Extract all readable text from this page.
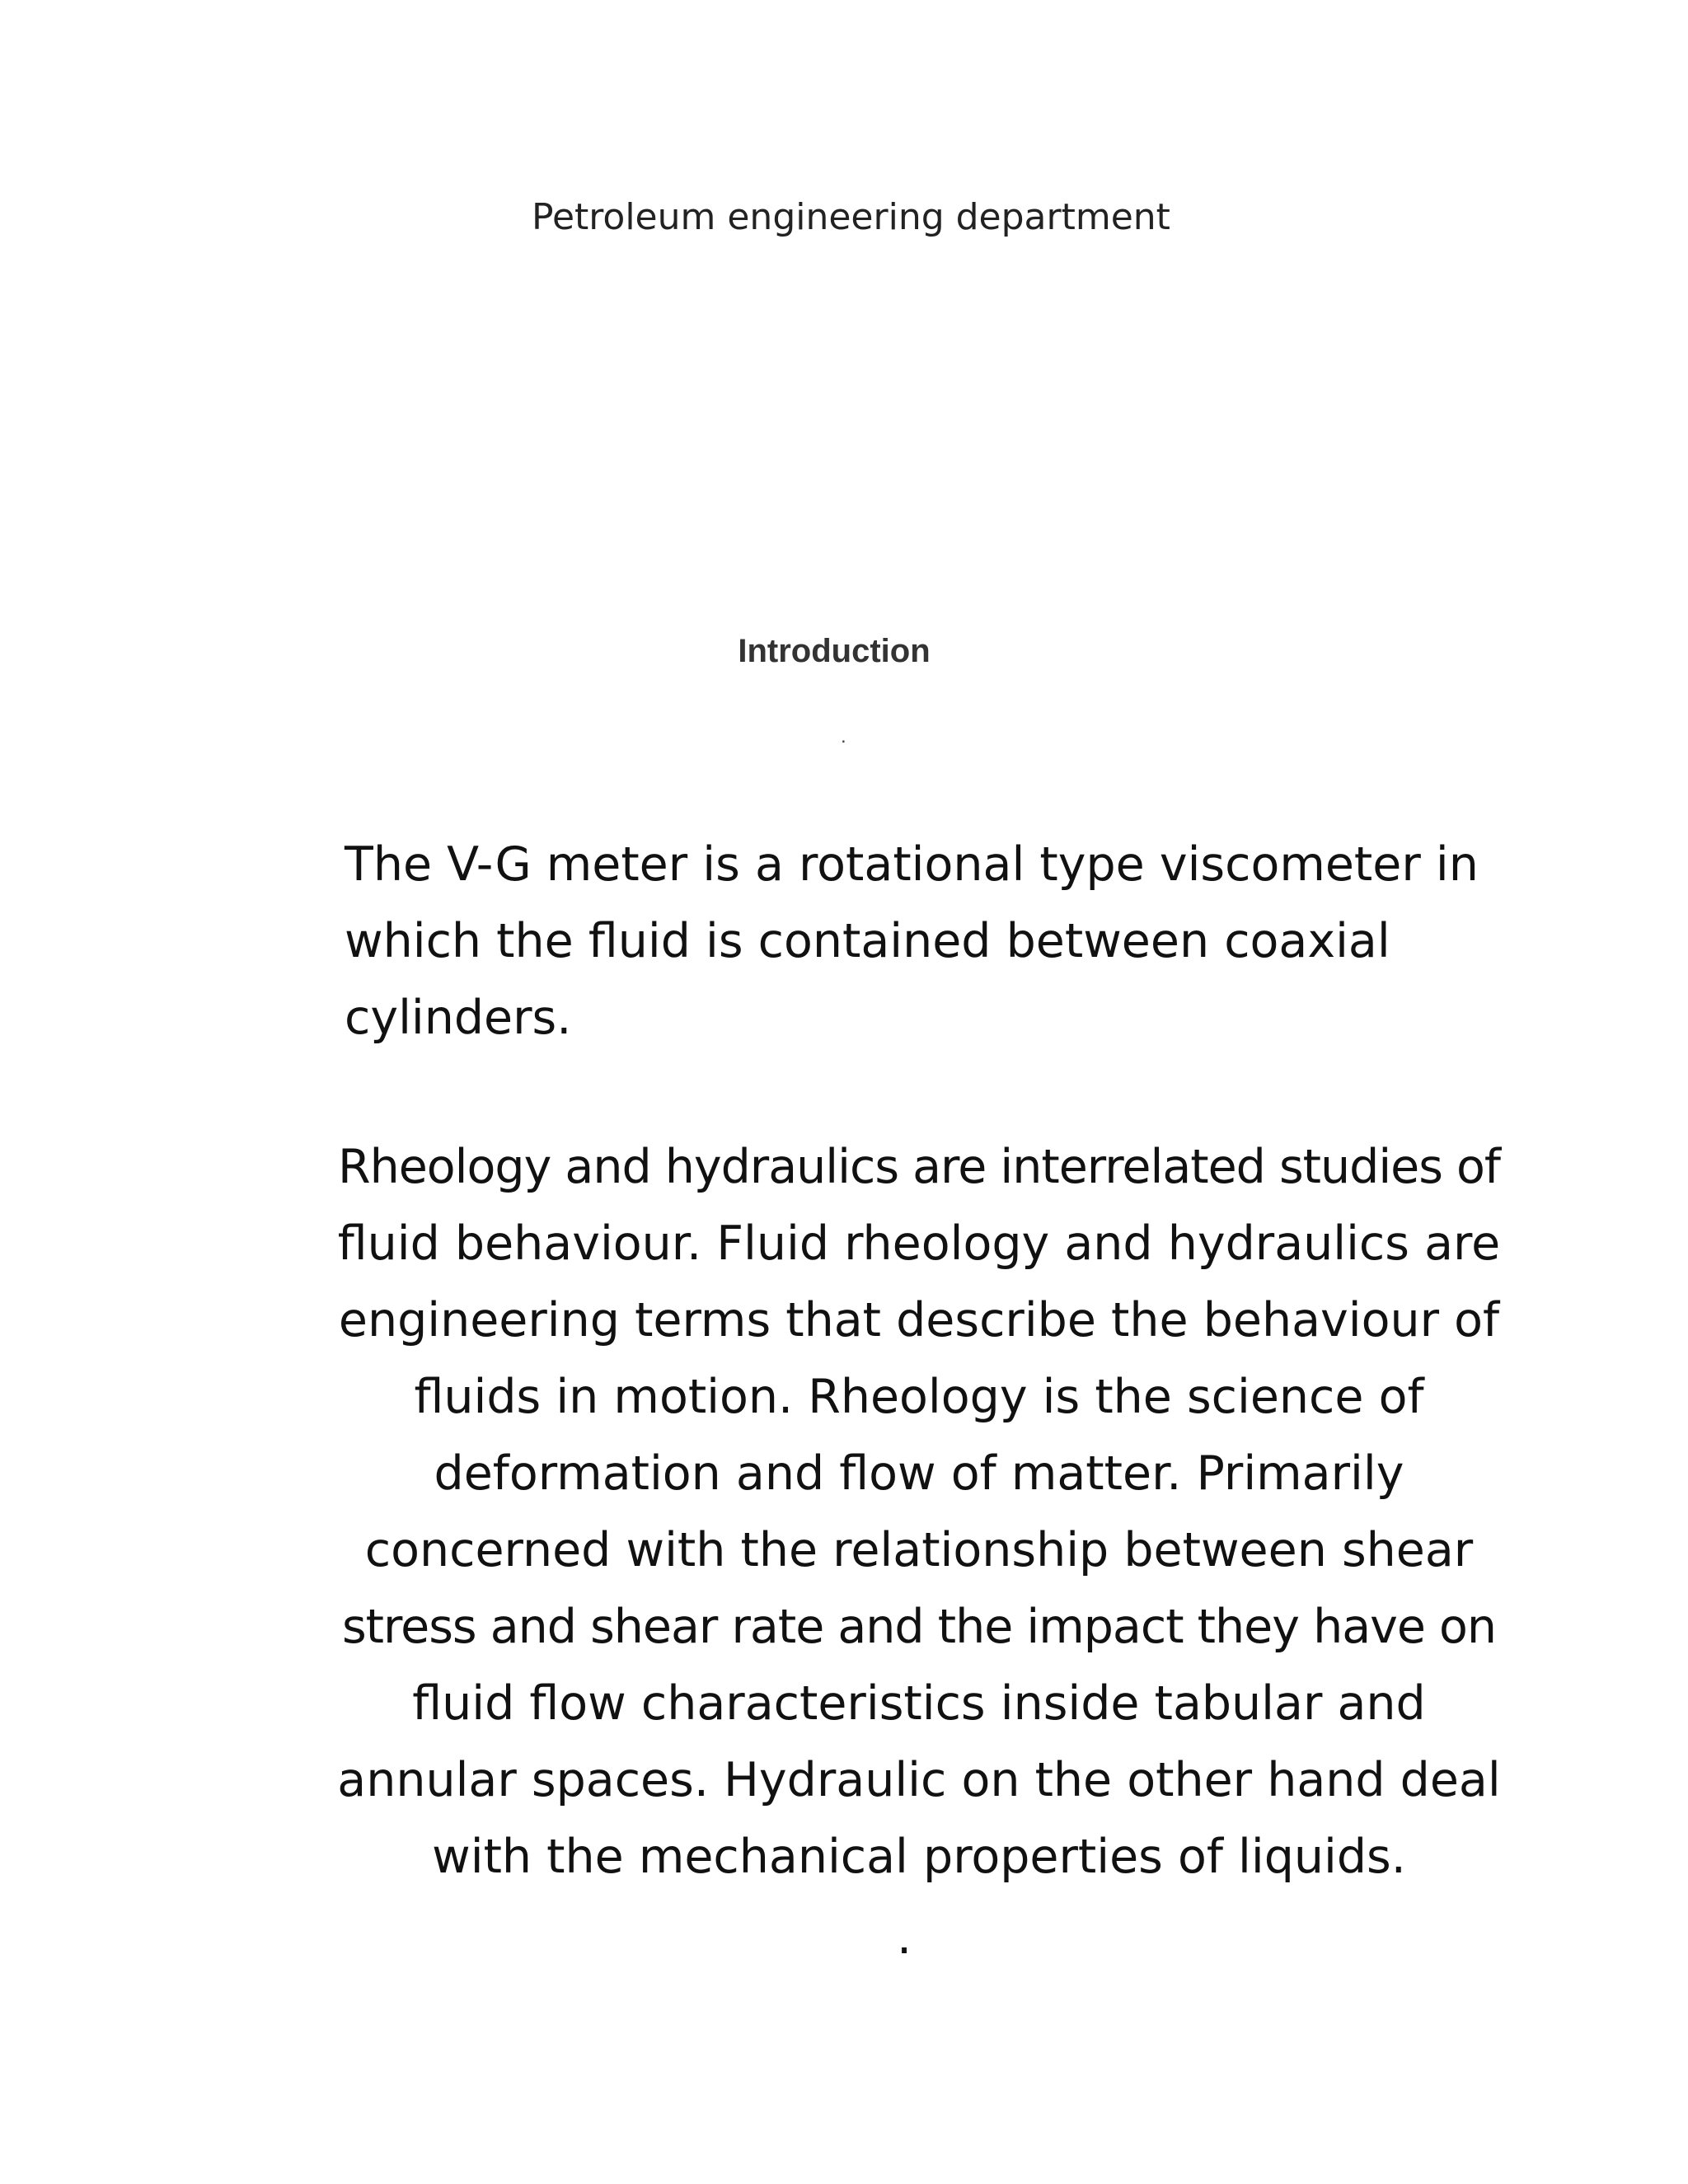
Petroleum engineering department
Introduction
.

The V-G meter is a rotational type viscometer in
which the fluid is contained between coaxial
cylinders.

Rheology and hydraulics are interrelated studies of
fluid behaviour. Fluid rheology and hydraulics are
engineering terms that describe the behaviour of
fluids in motion. Rheology is the science of
deformation and flow of matter. Primarily
concerned with the relationship between shear
stress and shear rate and the impact they have on
fluid flow characteristics inside tabular and
annular spaces. Hydraulic on the other hand deal
with the mechanical properties of liquids.

.
